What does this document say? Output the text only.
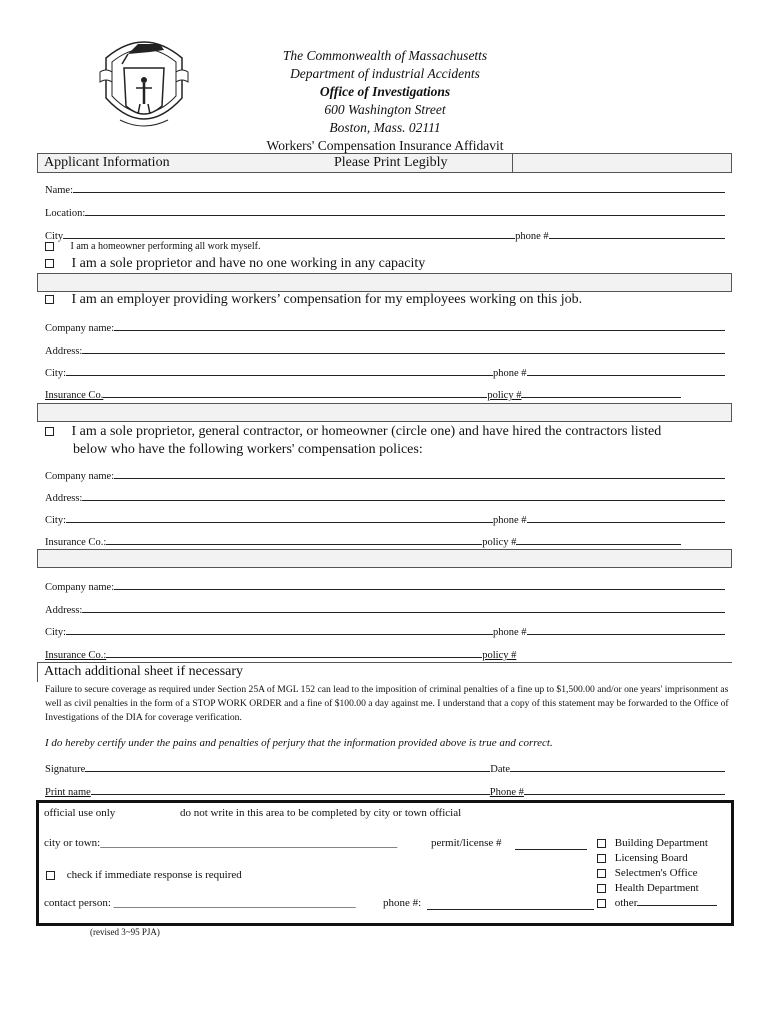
The Commonwealth of Massachusetts
Department of industrial Accidents
Office of Investigations
600 Washington Street
Boston, Mass. 02111
Workers' Compensation Insurance Affidavit
Applicant Information	Please Print Legibly
Name:
Location:
City	phone #
I am a homeowner performing all work myself.
I am a sole proprietor and have no one working in any capacity
I am an employer providing workers’ compensation for my employees working on this job.
Company name:
Address:
City:	phone #
Insurance Co.	policy #
I am a sole proprietor, general contractor, or homeowner (circle one) and have hired the contractors listed
below who have the following workers' compensation polices:
Company name:
Address:
City:	phone #
Insurance Co.:	policy #
Company name:
Address:
City:	phone #
Insurance Co.:	policy #
Attach additional sheet if necessary
Failure to secure coverage as required under Section 25A of MGL 152 can lead to the imposition of criminal penalties of a fine up to $1,500.00 and/or one years' imprisonment as well as civil penalties in the form of a STOP WORK ORDER and a fine of $100.00 a day against me. I understand that a copy of this statement may be forwarded to the Office of Investigations of the DIA for coverage verification.
I do hereby certify under the pains and penalties of perjury that the information provided above is true and correct.
Signature	Date
Print name	Phone #
official use only	do not write in this area to be completed by city or town official
city or town:______________________________________________________	permit/license #
check if immediate response is required
contact person: ____________________________________________ phone #:
Building Department
Licensing Board
Selectmen's Office
Health Department
other
(revised 3~95 PJA)
